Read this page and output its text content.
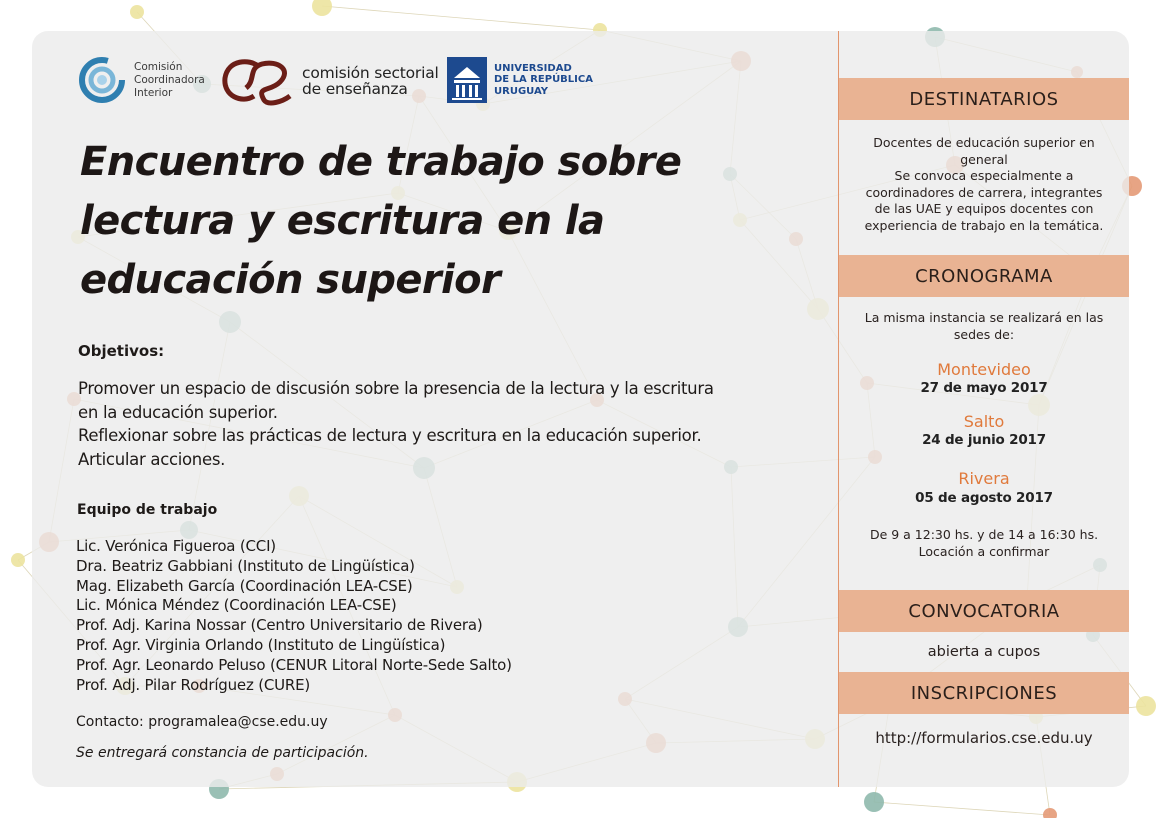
Comisión
Coordinadora
Interior
comisión sectorial
de enseñanza
UNIVERSIDAD
DE LA REPÚBLICA
URUGUAY
Encuentro de trabajo sobre
lectura y escritura en la
educación superior
Objetivos:
Promover un espacio de discusión sobre la presencia de la lectura y la escritura
en la educación superior.
Reflexionar sobre las prácticas de lectura y escritura en la educación superior.
Articular acciones.
Equipo de trabajo
Lic. Verónica Figueroa (CCI)
Dra. Beatriz Gabbiani (Instituto de Lingüística)
Mag. Elizabeth García (Coordinación LEA-CSE)
Lic. Mónica Méndez (Coordinación LEA-CSE)
Prof. Adj. Karina Nossar (Centro Universitario de Rivera)
Prof. Agr. Virginia Orlando (Instituto de Lingüística)
Prof. Agr. Leonardo Peluso (CENUR Litoral Norte-Sede Salto)
Prof. Adj. Pilar Rodríguez (CURE)
Contacto: programalea@cse.edu.uy
Se entregará constancia de participación.
DESTINATARIOS
Docentes de educación superior en
general
Se convoca especialmente a
coordinadores de carrera, integrantes
de las UAE y equipos docentes con
experiencia de trabajo en la temática.
CRONOGRAMA
La misma instancia se realizará en las
sedes de:
Montevideo
27 de mayo 2017
Salto
24 de junio 2017
Rivera
05 de agosto 2017
De 9 a 12:30 hs. y de 14 a 16:30 hs.
Locación a confirmar
CONVOCATORIA
abierta a cupos
INSCRIPCIONES
http://formularios.cse.edu.uy
